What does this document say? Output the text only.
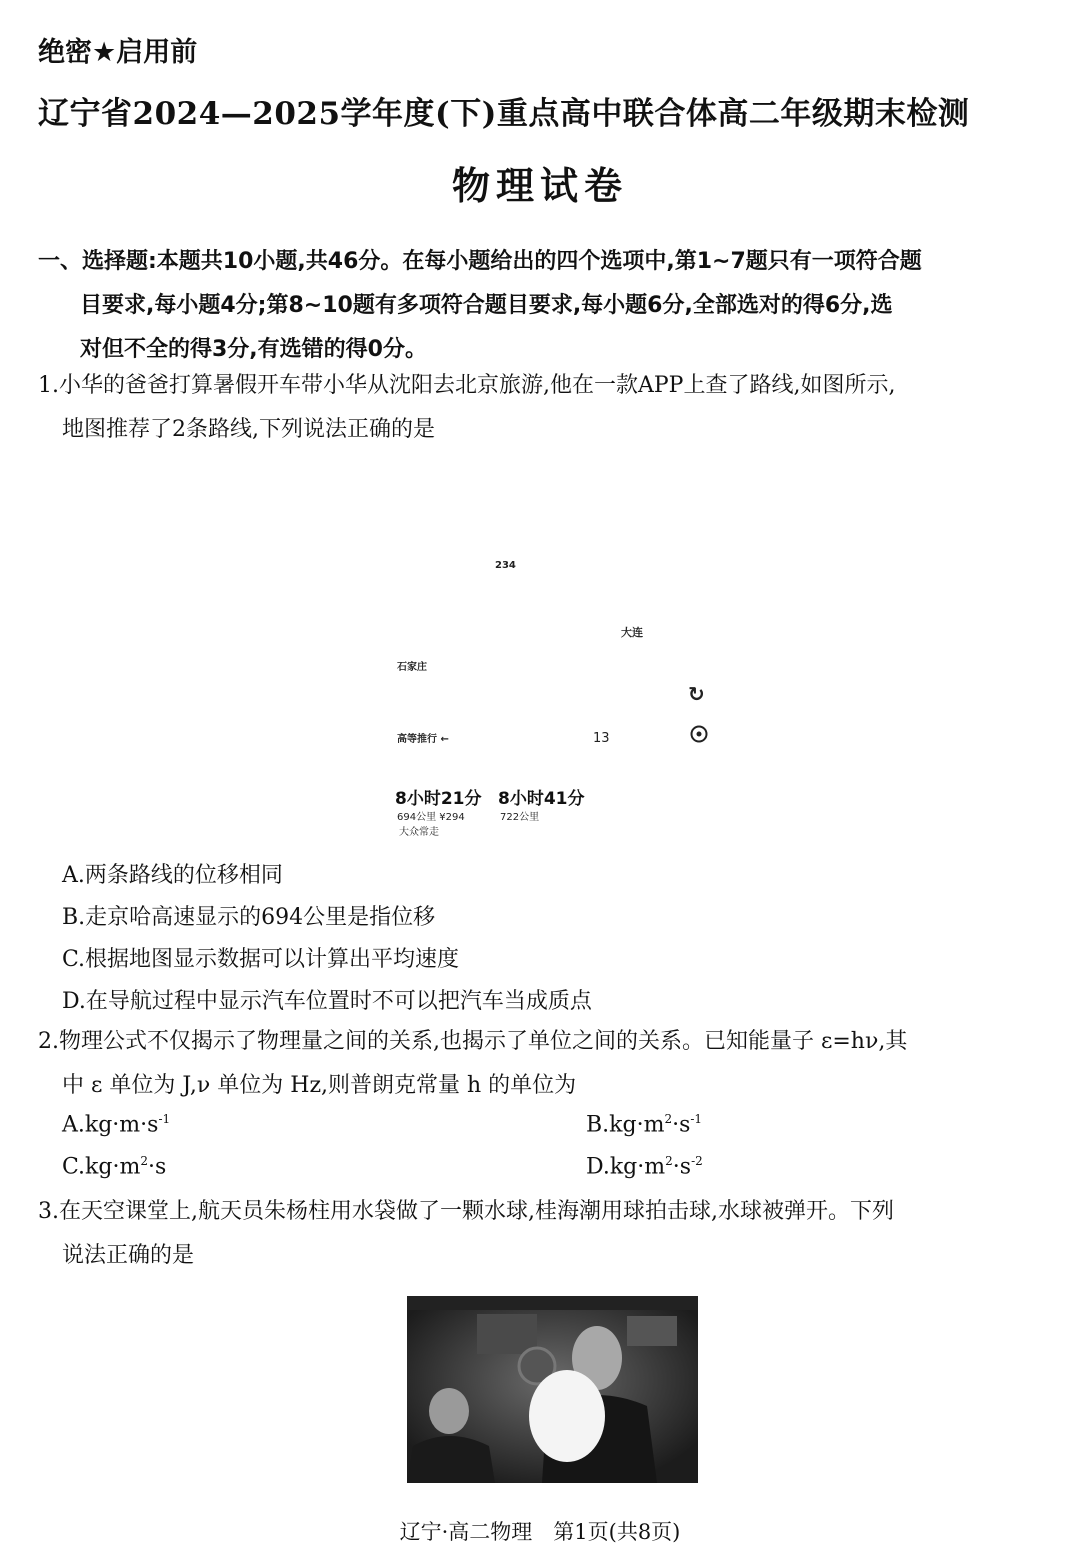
绝密★启用前
辽宁省2024—2025学年度(下)重点高中联合体高二年级期末检测
物理试卷
一、选择题:本题共10小题,共46分。在每小题给出的四个选项中,第1~7题只有一项符合题
目要求,每小题4分;第8~10题有多项符合题目要求,每小题6分,全部选对的得6分,选
对但不全的得3分,有选错的得0分。
1.小华的爸爸打算暑假开车带小华从沈阳去北京旅游,他在一款APP上查了路线,如图所示,
地图推荐了2条路线,下列说法正确的是
234
大连
石家庄
↻
高等推行 ←	13
8小时21分 8小时41分
694公里 ¥294	722公里
大众常走
A.两条路线的位移相同
B.走京哈高速显示的694公里是指位移
C.根据地图显示数据可以计算出平均速度
D.在导航过程中显示汽车位置时不可以把汽车当成质点
2.物理公式不仅揭示了物理量之间的关系,也揭示了单位之间的关系。已知能量子 ε=hν,其
中 ε 单位为 J,ν 单位为 Hz,则普朗克常量 h 的单位为
$A.kg\cdot m\cdot s^{-1}$	$B.kg\cdot m^2\cdot s^{-1}$
$C.kg\cdot m^2\cdot s$	$D.kg\cdot m^2\cdot s^{-2}$
3.在天空课堂上,航天员朱杨柱用水袋做了一颗水球,桂海潮用球拍击球,水球被弹开。下列
说法正确的是
辽宁·高二物理　第1页(共8页)
